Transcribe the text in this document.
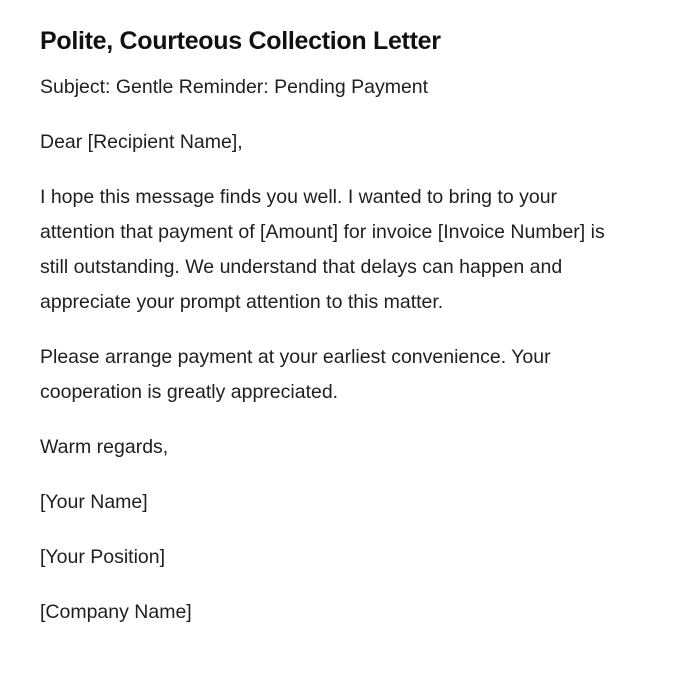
Polite, Courteous Collection Letter

Subject: Gentle Reminder: Pending Payment

Dear [Recipient Name],

I hope this message finds you well. I wanted to bring to your attention that payment of [Amount] for invoice [Invoice Number] is still outstanding. We understand that delays can happen and appreciate your prompt attention to this matter.

Please arrange payment at your earliest convenience. Your cooperation is greatly appreciated.

Warm regards,

[Your Name]

[Your Position]

[Company Name]
